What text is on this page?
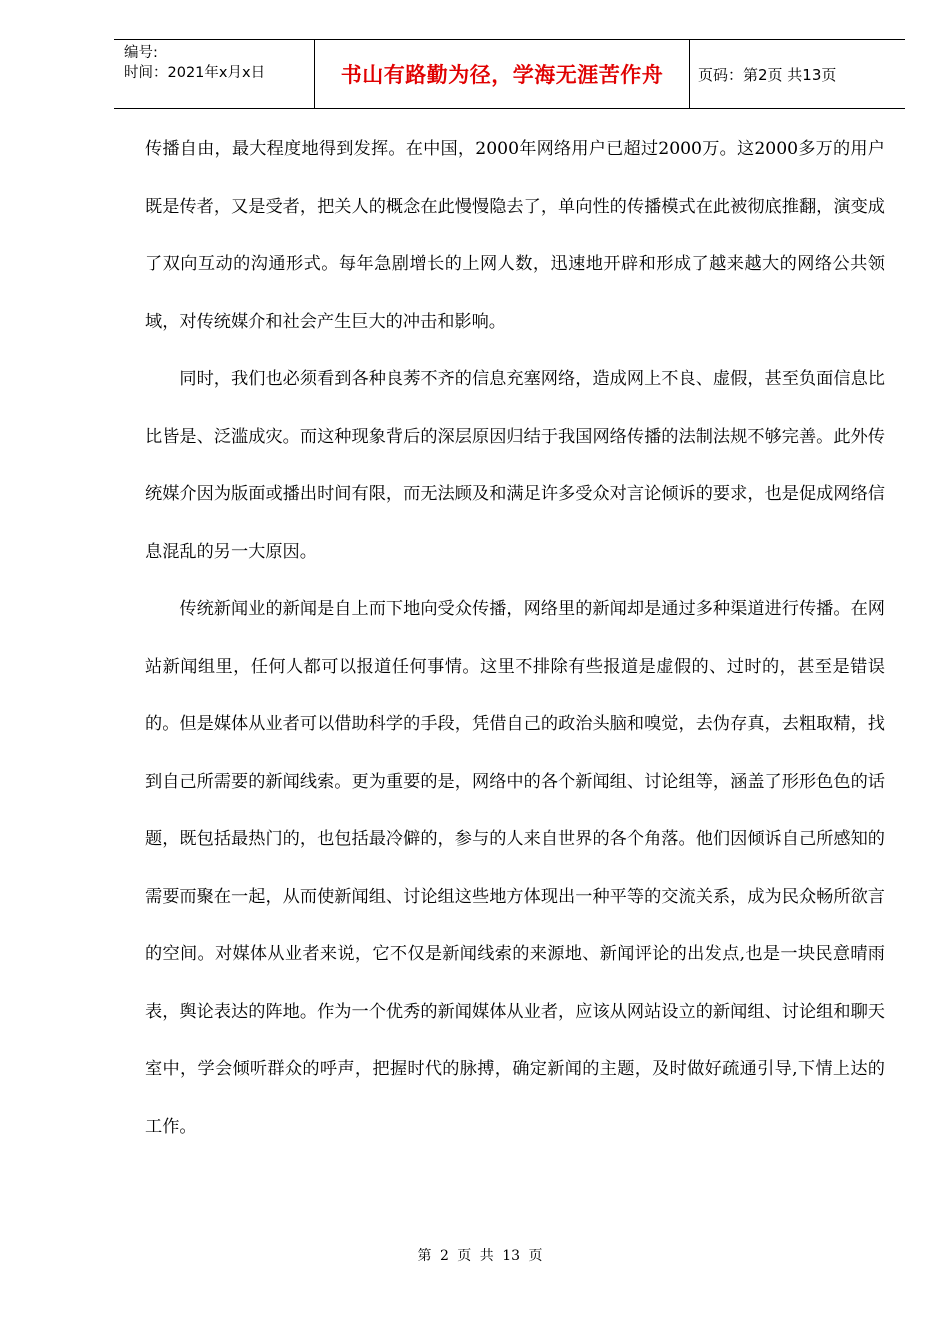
编号:
时间：2021年x月x日	书山有路勤为径，学海无涯苦作舟 页码：第2页 共13页

传播自由，最大程度地得到发挥。在中国，2000年网络用户已超过2000万。这2000多万的用户既是传者，又是受者，把关人的概念在此慢慢隐去了，单向性的传播模式在此被彻底推翻，演变成了双向互动的沟通形式。每年急剧增长的上网人数，迅速地开辟和形成了越来越大的网络公共领域，对传统媒介和社会产生巨大的冲击和影响。

同时，我们也必须看到各种良莠不齐的信息充塞网络，造成网上不良、虚假，甚至负面信息比比皆是、泛滥成灾。而这种现象背后的深层原因归结于我国网络传播的法制法规不够完善。此外传统媒介因为版面或播出时间有限，而无法顾及和满足许多受众对言论倾诉的要求，也是促成网络信息混乱的另一大原因。

传统新闻业的新闻是自上而下地向受众传播，网络里的新闻却是通过多种渠道进行传播。在网站新闻组里，任何人都可以报道任何事情。这里不排除有些报道是虚假的、过时的，甚至是错误的。但是媒体从业者可以借助科学的手段，凭借自己的政治头脑和嗅觉，去伪存真，去粗取精，找到自己所需要的新闻线索。更为重要的是，网络中的各个新闻组、讨论组等，涵盖了形形色色的话题，既包括最热门的，也包括最冷僻的，参与的人来自世界的各个角落。他们因倾诉自己所感知的需要而聚在一起，从而使新闻组、讨论组这些地方体现出一种平等的交流关系，成为民众畅所欲言的空间。对媒体从业者来说，它不仅是新闻线索的来源地、新闻评论的出发点,也是一块民意晴雨表，舆论表达的阵地。作为一个优秀的新闻媒体从业者，应该从网站设立的新闻组、讨论组和聊天室中，学会倾听群众的呼声，把握时代的脉搏，确定新闻的主题，及时做好疏通引导,下情上达的工作。

第 2 页 共 13 页
